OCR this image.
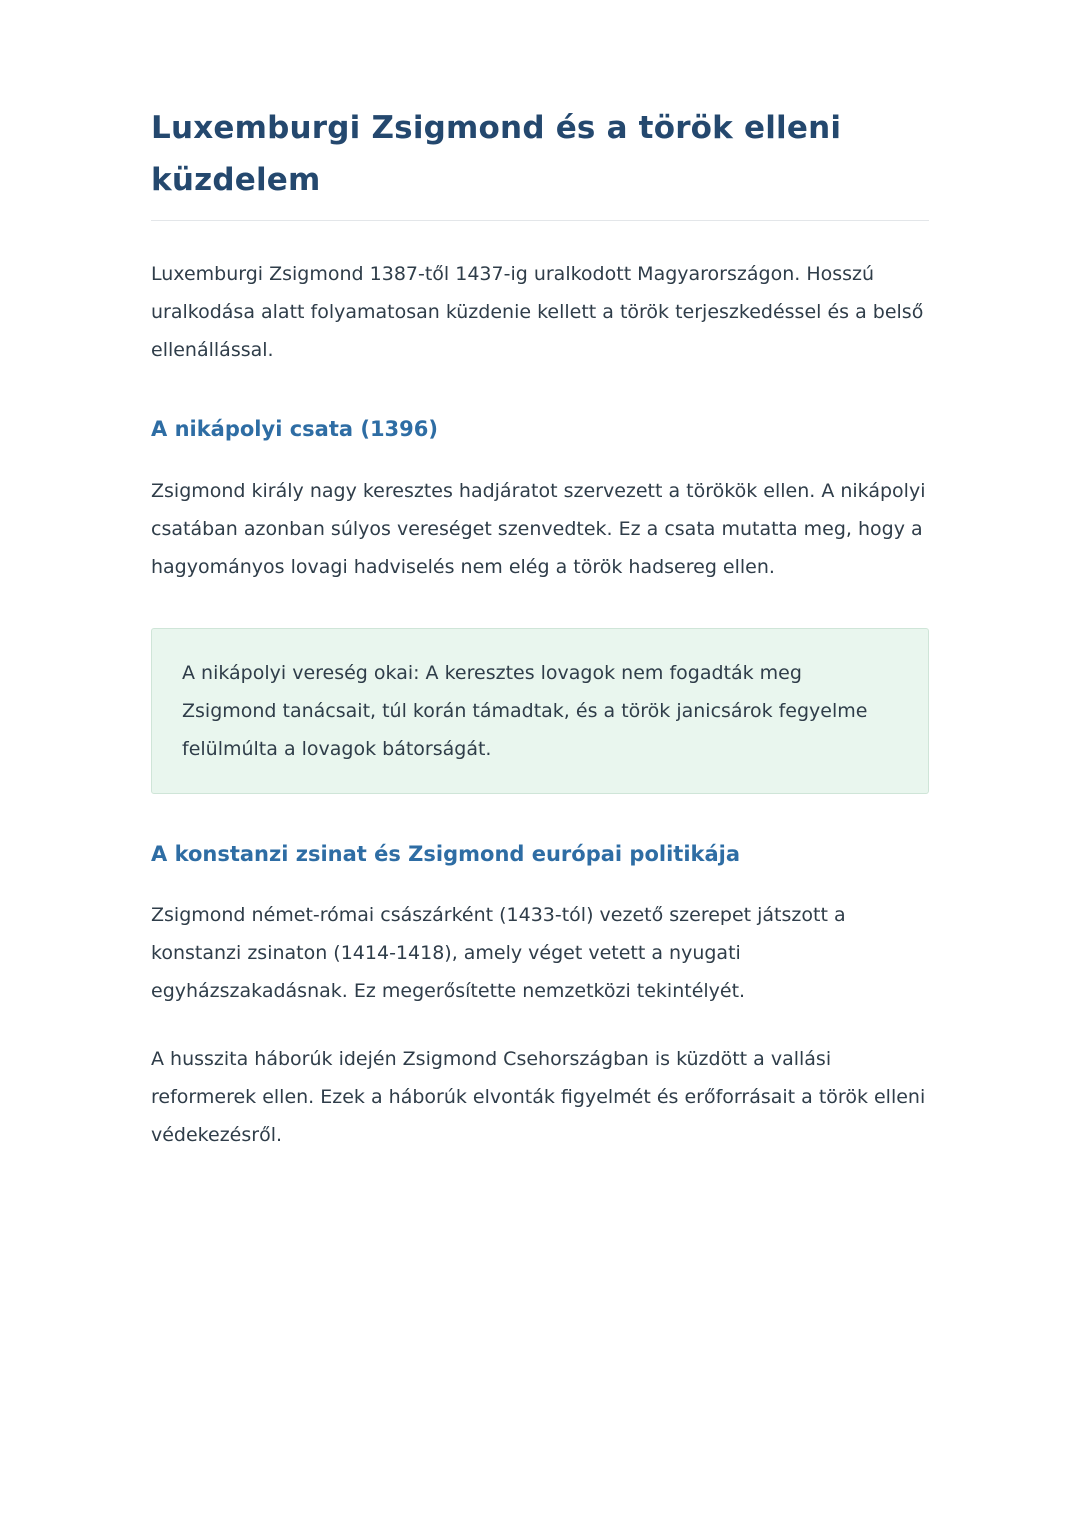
Luxemburgi Zsigmond és a török elleni küzdelem

Luxemburgi Zsigmond 1387-től 1437-ig uralkodott Magyarországon. Hosszú uralkodása alatt folyamatosan küzdenie kellett a török terjeszkedéssel és a belső ellenállással.

A nikápolyi csata (1396)

Zsigmond király nagy keresztes hadjáratot szervezett a törökök ellen. A nikápolyi csatában azonban súlyos vereséget szenvedtek. Ez a csata mutatta meg, hogy a hagyományos lovagi hadviselés nem elég a török hadsereg ellen.

A nikápolyi vereség okai: A keresztes lovagok nem fogadták meg Zsigmond tanácsait, túl korán támadtak, és a török janicsárok fegyelme felülmúlta a lovagok bátorságát.

A konstanzi zsinat és Zsigmond európai politikája

Zsigmond német-római császárként (1433-tól) vezető szerepet játszott a konstanzi zsinaton (1414-1418), amely véget vetett a nyugati egyházszakadásnak. Ez megerősítette nemzetközi tekintélyét.

A husszita háborúk idején Zsigmond Csehországban is küzdött a vallási reformerek ellen. Ezek a háborúk elvonták figyelmét és erőforrásait a török elleni védekezésről.
